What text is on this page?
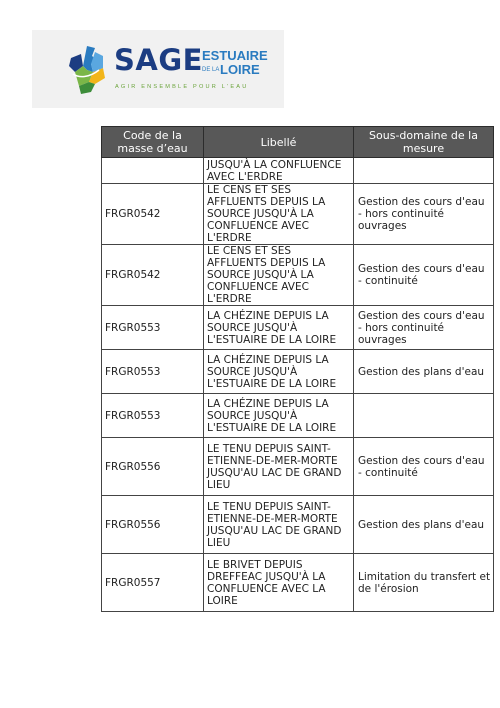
SAGE ESTUAIRE
DE LA LOIRE
AGIR ENSEMBLE POUR L'EAU
Code de la masse d’eau	Libellé	Sous-domaine de la mesure
	JUSQU'À LA CONFLUENCE AVEC L'ERDRE	
FRGR0542	LE CENS ET SES AFFLUENTS DEPUIS LA SOURCE JUSQU'À LA CONFLUENCE AVEC L'ERDRE	Gestion des cours d'eau - hors continuité ouvrages
FRGR0542	LE CENS ET SES AFFLUENTS DEPUIS LA SOURCE JUSQU'À LA CONFLUENCE AVEC L'ERDRE	Gestion des cours d'eau - continuité
FRGR0553	LA CHÉZINE DEPUIS LA SOURCE JUSQU'À L'ESTUAIRE DE LA LOIRE	Gestion des cours d'eau - hors continuité ouvrages
FRGR0553	LA CHÉZINE DEPUIS LA SOURCE JUSQU'À L'ESTUAIRE DE LA LOIRE	Gestion des plans d'eau
FRGR0553	LA CHÉZINE DEPUIS LA SOURCE JUSQU'À L'ESTUAIRE DE LA LOIRE	
FRGR0556	LE TENU DEPUIS SAINT-ETIENNE-DE-MER-MORTE JUSQU'AU LAC DE GRAND LIEU	Gestion des cours d'eau - continuité
FRGR0556	LE TENU DEPUIS SAINT-ETIENNE-DE-MER-MORTE JUSQU'AU LAC DE GRAND LIEU	Gestion des plans d'eau
FRGR0557	LE BRIVET DEPUIS DREFFEAC JUSQU'À LA CONFLUENCE AVEC LA LOIRE	Limitation du transfert et de l'érosion
